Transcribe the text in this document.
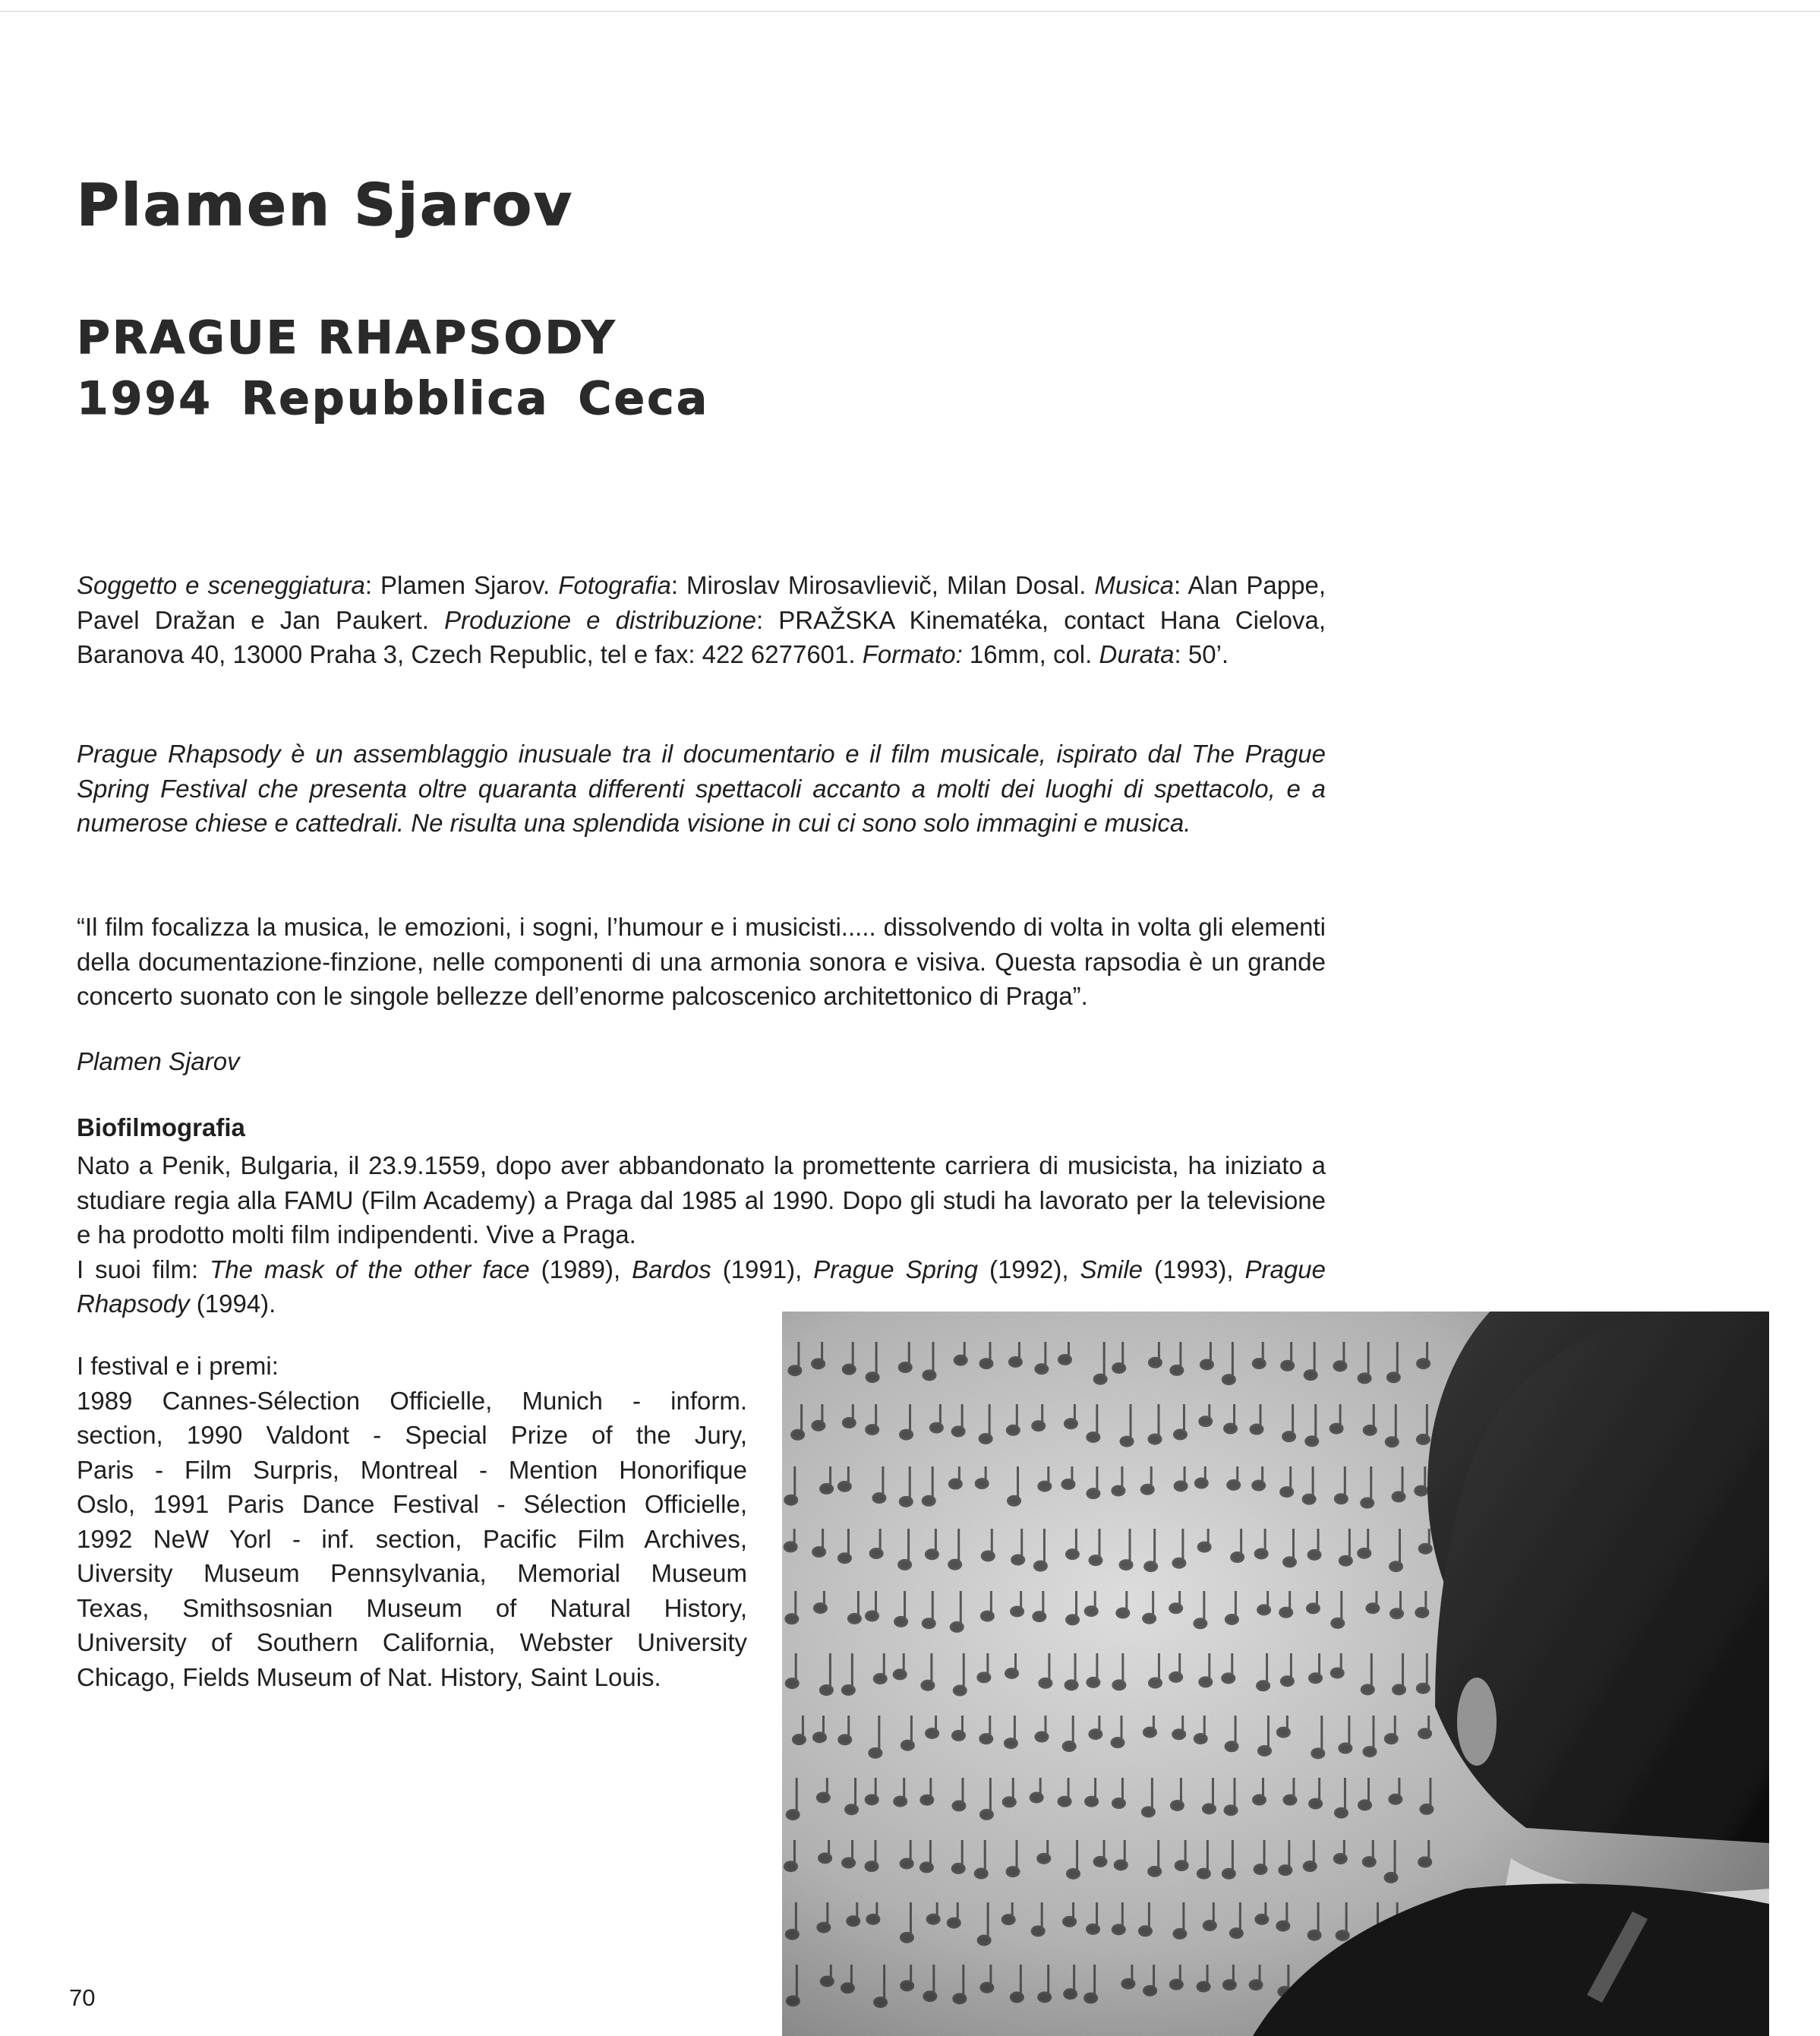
Plamen Sjarov
PRAGUE RHAPSODY
1994 Repubblica Ceca

Soggetto e sceneggiatura: Plamen Sjarov. Fotografia: Miroslav Mirosavlievič, Milan Dosal. Musica: Alan Pappe, Pavel Dražan e Jan Paukert. Produzione e distribuzione: PRAŽSKA Kinematéka, contact Hana Cielova, Baranova 40, 13000 Praha 3, Czech Republic, tel e fax: 422 6277601. Formato: 16mm, col. Durata: 50’.

Prague Rhapsody è un assemblaggio inusuale tra il documentario e il film musicale, ispirato dal The Prague Spring Festival che presenta oltre quaranta differenti spettacoli accanto a molti dei luoghi di spettacolo, e a numerose chiese e cattedrali. Ne risulta una splendida visione in cui ci sono solo immagini e musica.

“Il film focalizza la musica, le emozioni, i sogni, l’humour e i musicisti..... dissolvendo di volta in volta gli elementi della documentazione-finzione, nelle componenti di una armonia sonora e visiva. Questa rapsodia è un grande concerto suonato con le singole bellezze dell’enorme palcoscenico architettonico di Praga”.

Plamen Sjarov

Biofilmografia

Nato a Penik, Bulgaria, il 23.9.1559, dopo aver abbandonato la promettente carriera di musicista, ha iniziato a studiare regia alla FAMU (Film Academy) a Praga dal 1985 al 1990. Dopo gli studi ha lavorato per la televisione e ha prodotto molti film indipendenti. Vive a Praga.
I suoi film: The mask of the other face (1989), Bardos (1991), Prague Spring (1992), Smile (1993), Prague Rhapsody (1994).

I festival e i premi:
1989 Cannes-Sélection Officielle, Munich - inform.
section, 1990 Valdont - Special Prize of the Jury,
Paris - Film Surpris, Montreal - Mention Honorifique
Oslo, 1991 Paris Dance Festival - Sélection Officielle,
1992 NeW Yorl - inf. section, Pacific Film Archives,
Uiversity Museum Pennsylvania, Memorial Museum
Texas, Smithsosnian Museum of Natural History,
University of Southern California, Webster University
Chicago, Fields Museum of Nat. History, Saint Louis.

70
